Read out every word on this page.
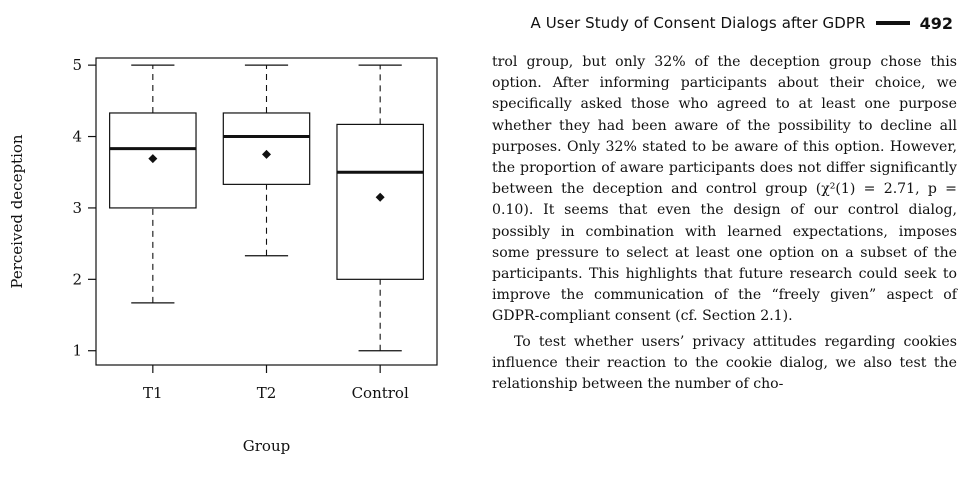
A User Study of Consent Dialogs after GDPR	492
1
2
3
4
5
T1	T2	Control
Perceived deception
Group

trol group, but only 32% of the deception group chose this option. After informing participants about their choice, we specifically asked those who agreed to at least one purpose whether they had been aware of the possibility to decline all purposes. Only 32% stated to be aware of this option. However, the proportion of aware participants does not differ significantly between the deception and control group (χ²(1) = 2.71, p = 0.10). It seems that even the design of our control dialog, possibly in combination with learned expectations, imposes some pressure to select at least one option on a subset of the participants. This highlights that future research could seek to improve the communication of the “freely given” aspect of GDPR-compliant consent (cf. Section 2.1).

To test whether users’ privacy attitudes regarding cookies influence their reaction to the cookie dialog, we also test the relationship between the number of cho-
